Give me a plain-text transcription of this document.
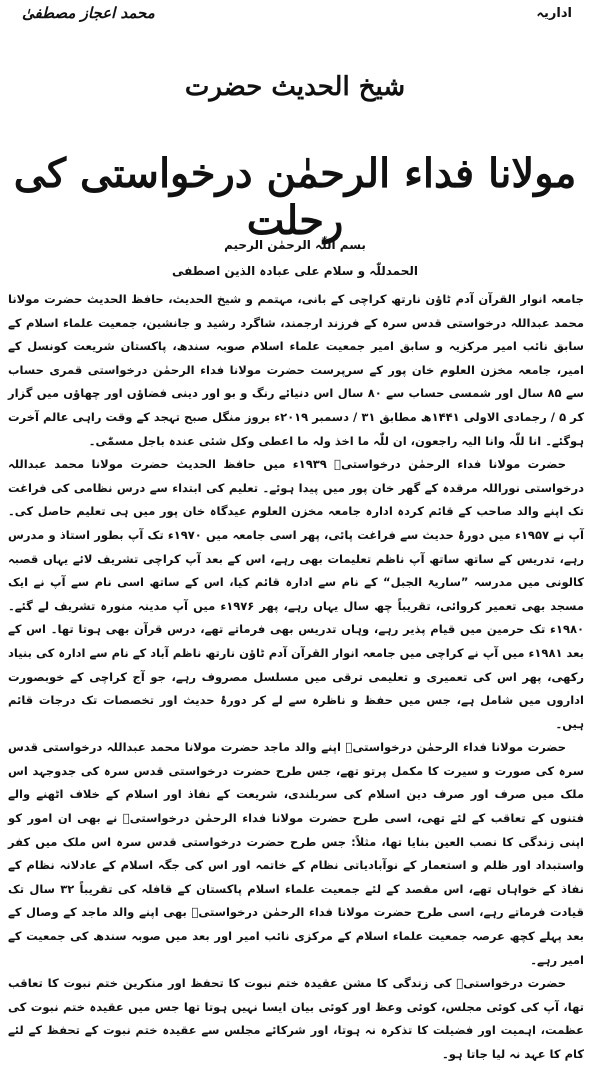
اداریہ
محمد اعجاز مصطفیٰ
شیخ الحدیث حضرت
مولانا فداء الرحمٰن درخواستی کی رحلت
بسم اللّٰہ الرحمٰن الرحیم
الحمدللّٰہ و سلام علی عبادہ الذین اصطفی

جامعہ انوار القرآن آدم ٹاؤن نارتھ کراچی کے بانی، مہتمم و شیخ الحدیث، حافظ الحدیث حضرت مولانا محمد عبداللہ درخواستی قدس سرہ کے فرزند ارجمند، شاگرد رشید و جانشین، جمعیت علماء اسلام کے سابق نائب امیر مرکزیہ و سابق امیر جمعیت علماء اسلام صوبہ سندھ، پاکستان شریعت کونسل کے امیر، جامعہ مخزن العلوم خان پور کے سرپرست حضرت مولانا فداء الرحمٰن درخواستی قمری حساب سے ۸۵ سال اور شمسی حساب سے ۸۰ سال اس دنیائے رنگ و بو اور دینی فضاؤں اور چھاؤں میں گزار کر ۵ / رجمادی الاولی ۱۴۴۱ھ مطابق ۳۱ / دسمبر ۲۰۱۹ء بروز منگل صبح تہجد کے وقت راہی عالم آخرت ہوگئے۔ انا للّٰہ وانا الیہ راجعون، ان للّٰہ ما اخذ ولہ ما اعطی وکل شئی عندہ باجل مسمّٰی۔

حضرت مولانا فداء الرحمٰن درخواستیؒ ۱۹۳۹ء میں حافظ الحدیث حضرت مولانا محمد عبداللہ درخواستی نوراللہ مرقدہ کے گھر خان پور میں پیدا ہوئے۔ تعلیم کی ابتداء سے درس نظامی کی فراغت تک اپنے والد صاحب کے قائم کردہ ادارہ جامعہ مخزن العلوم عیدگاہ خان پور میں ہی تعلیم حاصل کی۔ آپ نے ۱۹۵۷ء میں دورۂ حدیث سے فراغت پائی، پھر اسی جامعہ میں ۱۹۷۰ء تک آپ بطور استاذ و مدرس رہے، تدریس کے ساتھ ساتھ آپ ناظم تعلیمات بھی رہے، اس کے بعد آپ کراچی تشریف لائے یہاں قصبہ کالونی میں مدرسہ ”ساریۃ الجبل“ کے نام سے ادارہ قائم کیا، اس کے ساتھ اسی نام سے آپ نے ایک مسجد بھی تعمیر کروائی، تقریباً چھ سال یہاں رہے، پھر ۱۹۷۶ء میں آپ مدینہ منورہ تشریف لے گئے۔ ۱۹۸۰ء تک حرمین میں قیام پذیر رہے، وہاں تدریس بھی فرماتے تھے، درس قرآن بھی ہوتا تھا۔ اس کے بعد ۱۹۸۱ء میں آپ نے کراچی میں جامعہ انوار القرآن آدم ٹاؤن نارتھ ناظم آباد کے نام سے ادارہ کی بنیاد رکھی، پھر اس کی تعمیری و تعلیمی ترقی میں مسلسل مصروف رہے، جو آج کراچی کے خوبصورت اداروں میں شامل ہے، جس میں حفظ و ناظرہ سے لے کر دورۂ حدیث اور تخصصات تک درجات قائم ہیں۔

حضرت مولانا فداء الرحمٰن درخواستیؒ اپنے والد ماجد حضرت مولانا محمد عبداللہ درخواستی قدس سرہ کی صورت و سیرت کا مکمل پرتو تھے، جس طرح حضرت درخواستی قدس سرہ کی جدوجہد اس ملک میں صرف اور صرف دین اسلام کی سربلندی، شریعت کے نفاذ اور اسلام کے خلاف اٹھنے والے فتنوں کے تعاقب کے لئے تھی، اسی طرح حضرت مولانا فداء الرحمٰن درخواستیؒ نے بھی ان امور کو اپنی زندگی کا نصب العین بنایا تھا، مثلاً: جس طرح حضرت درخواستی قدس سرہ اس ملک میں کفر واستبداد اور ظلم و استعمار کے نوآبادیاتی نظام کے خاتمہ اور اس کی جگہ اسلام کے عادلانہ نظام کے نفاذ کے خواہاں تھے، اس مقصد کے لئے جمعیت علماء اسلام پاکستان کے قافلہ کی تقریباً ۳۲ سال تک قیادت فرماتے رہے، اسی طرح حضرت مولانا فداء الرحمٰن درخواستیؒ بھی اپنے والد ماجد کے وصال کے بعد پہلے کچھ عرصہ جمعیت علماء اسلام کے مرکزی نائب امیر اور بعد میں صوبہ سندھ کی جمعیت کے امیر رہے۔

حضرت درخواستیؒ کی زندگی کا مشن عقیدہ ختم نبوت کا تحفظ اور منکرین ختم نبوت کا تعاقب تھا، آپ کی کوئی مجلس، کوئی وعظ اور کوئی بیان ایسا نہیں ہوتا تھا جس میں عقیدہ ختم نبوت کی عظمت، اہمیت اور فضیلت کا تذکرہ نہ ہوتا، اور شرکائے مجلس سے عقیدہ ختم نبوت کے تحفظ کے لئے کام کا عہد نہ لیا جاتا ہو۔
